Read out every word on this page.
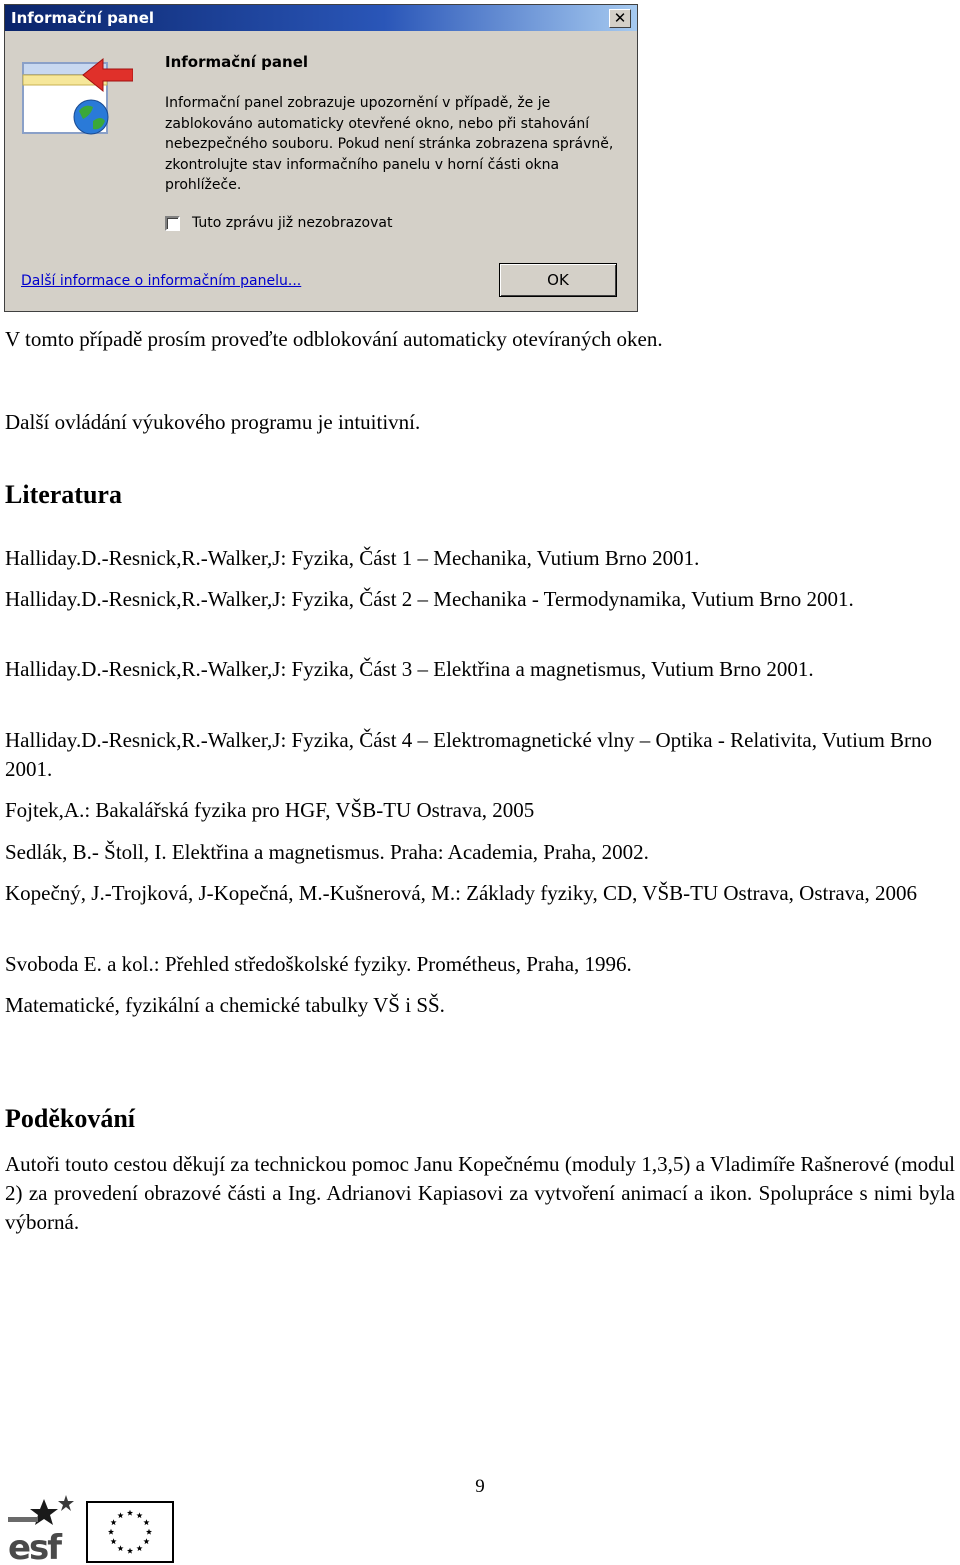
Informační panel	✕
Informační panel
Informační panel zobrazuje upozornění v případě, že je zablokováno automaticky otevřené okno, nebo při stahování nebezpečného souboru. Pokud není stránka zobrazena správně, zkontrolujte stav informačního panelu v horní části okna prohlížeče.
Tuto zprávu již nezobrazovat
Další informace o informačním panelu...	OK

V tomto případě prosím proveďte odblokování automaticky otevíraných oken.

Další ovládání výukového programu je intuitivní.

Literatura

Halliday.D.-Resnick,R.-Walker,J: Fyzika, Část 1 – Mechanika, Vutium Brno 2001.

Halliday.D.-Resnick,R.-Walker,J: Fyzika, Část 2 – Mechanika - Termodynamika, Vutium Brno 2001.

Halliday.D.-Resnick,R.-Walker,J: Fyzika, Část 3 – Elektřina a magnetismus, Vutium Brno 2001.

Halliday.D.-Resnick,R.-Walker,J: Fyzika, Část 4 – Elektromagnetické vlny – Optika - Relativita, Vutium Brno 2001.

Fojtek,A.: Bakalářská fyzika pro HGF, VŠB-TU Ostrava, 2005

Sedlák, B.- Štoll, I. Elektřina a magnetismus. Praha: Academia, Praha, 2002.

Kopečný, J.-Trojková, J-Kopečná, M.-Kušnerová, M.: Základy fyziky, CD, VŠB-TU Ostrava, Ostrava, 2006

Svoboda E. a kol.: Přehled středoškolské fyziky. Prométheus, Praha, 1996.

Matematické, fyzikální a chemické tabulky VŠ i SŠ.

Poděkování

Autoři touto cestou děkují za technickou pomoc Janu Kopečnému (moduly 1,3,5) a Vladimíře Rašnerové (modul 2) za provedení obrazové části a Ing. Adrianovi Kapiasovi za vytvoření animací a ikon. Spolupráce s nimi byla výborná.

9
esf
